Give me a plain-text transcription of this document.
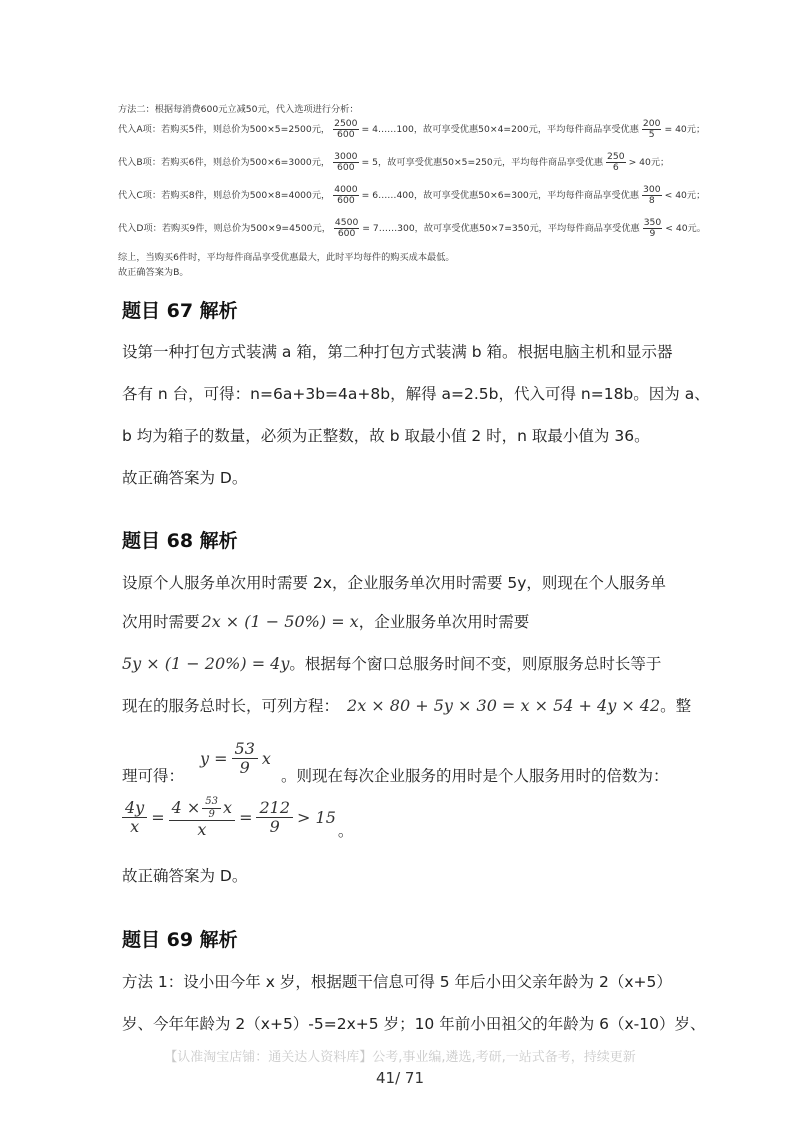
方法二：根据每消费600元立减50元，代入选项进行分析：
代入A项：若购买5件，则总价为500×5=2500元， $\frac{2500}{600}$ = 4……100，故可享受优惠50×4=200元，平均每件商品享受优惠 $\frac{200}{5} = 40$元；
代入B项：若购买6件，则总价为500×6=3000元， $\frac{3000}{600} = 5$，故可享受优惠50×5=250元，平均每件商品享受优惠 $\frac{250}{6} > 40$元；
代入C项：若购买8件，则总价为500×8=4000元， $\frac{4000}{600}$ = 6……400，故可享受优惠50×6=300元，平均每件商品享受优惠 $\frac{300}{8} < 40$元；
代入D项：若购买9件，则总价为500×9=4500元， $\frac{4500}{600}$ = 7……300，故可享受优惠50×7=350元，平均每件商品享受优惠 $\frac{350}{9} < 40$元。
综上，当购买6件时，平均每件商品享受优惠最大，此时平均每件的购买成本最低。
故正确答案为B。
题目 67 解析
设第一种打包方式装满 a 箱，第二种打包方式装满 b 箱。根据电脑主机和显示器
各有 n 台，可得：n=6a+3b=4a+8b，解得 a=2.5b，代入可得 n=18b。因为 a、
b 均为箱子的数量，必须为正整数，故 b 取最小值 2 时，n 取最小值为 36。
故正确答案为 D。
题目 68 解析
设原个人服务单次用时需要 2x，企业服务单次用时需要 5y，则现在个人服务单
次用时需要 2x × (1 − 50%) = x ，企业服务单次用时需要
5y × (1 − 20%) = 4y 。根据每个窗口总服务时间不变，则原服务总时长等于
现在的服务总时长，可列方程： 2x × 80 + 5y × 30 = x × 54 + 4y × 42 。整
理可得：
$y = \frac{53}{9}$ x
。则现在每次企业服务的用时是个人服务用时的倍数为：
$\frac{4y}{x} = \frac{4 \times \frac{53}{9} x}{x} = \frac{212}{9} > 15$
。
故正确答案为 D。
题目 69 解析
方法 1：设小田今年 x 岁，根据题干信息可得 5 年后小田父亲年龄为 2（x+5）
岁、今年年龄为 2（x+5）-5=2x+5 岁；10 年前小田祖父的年龄为 6（x-10）岁、
【认准淘宝店铺：通关达人资料库】公考,事业编,遴选,考研,一站式备考，持续更新
41/ 71
